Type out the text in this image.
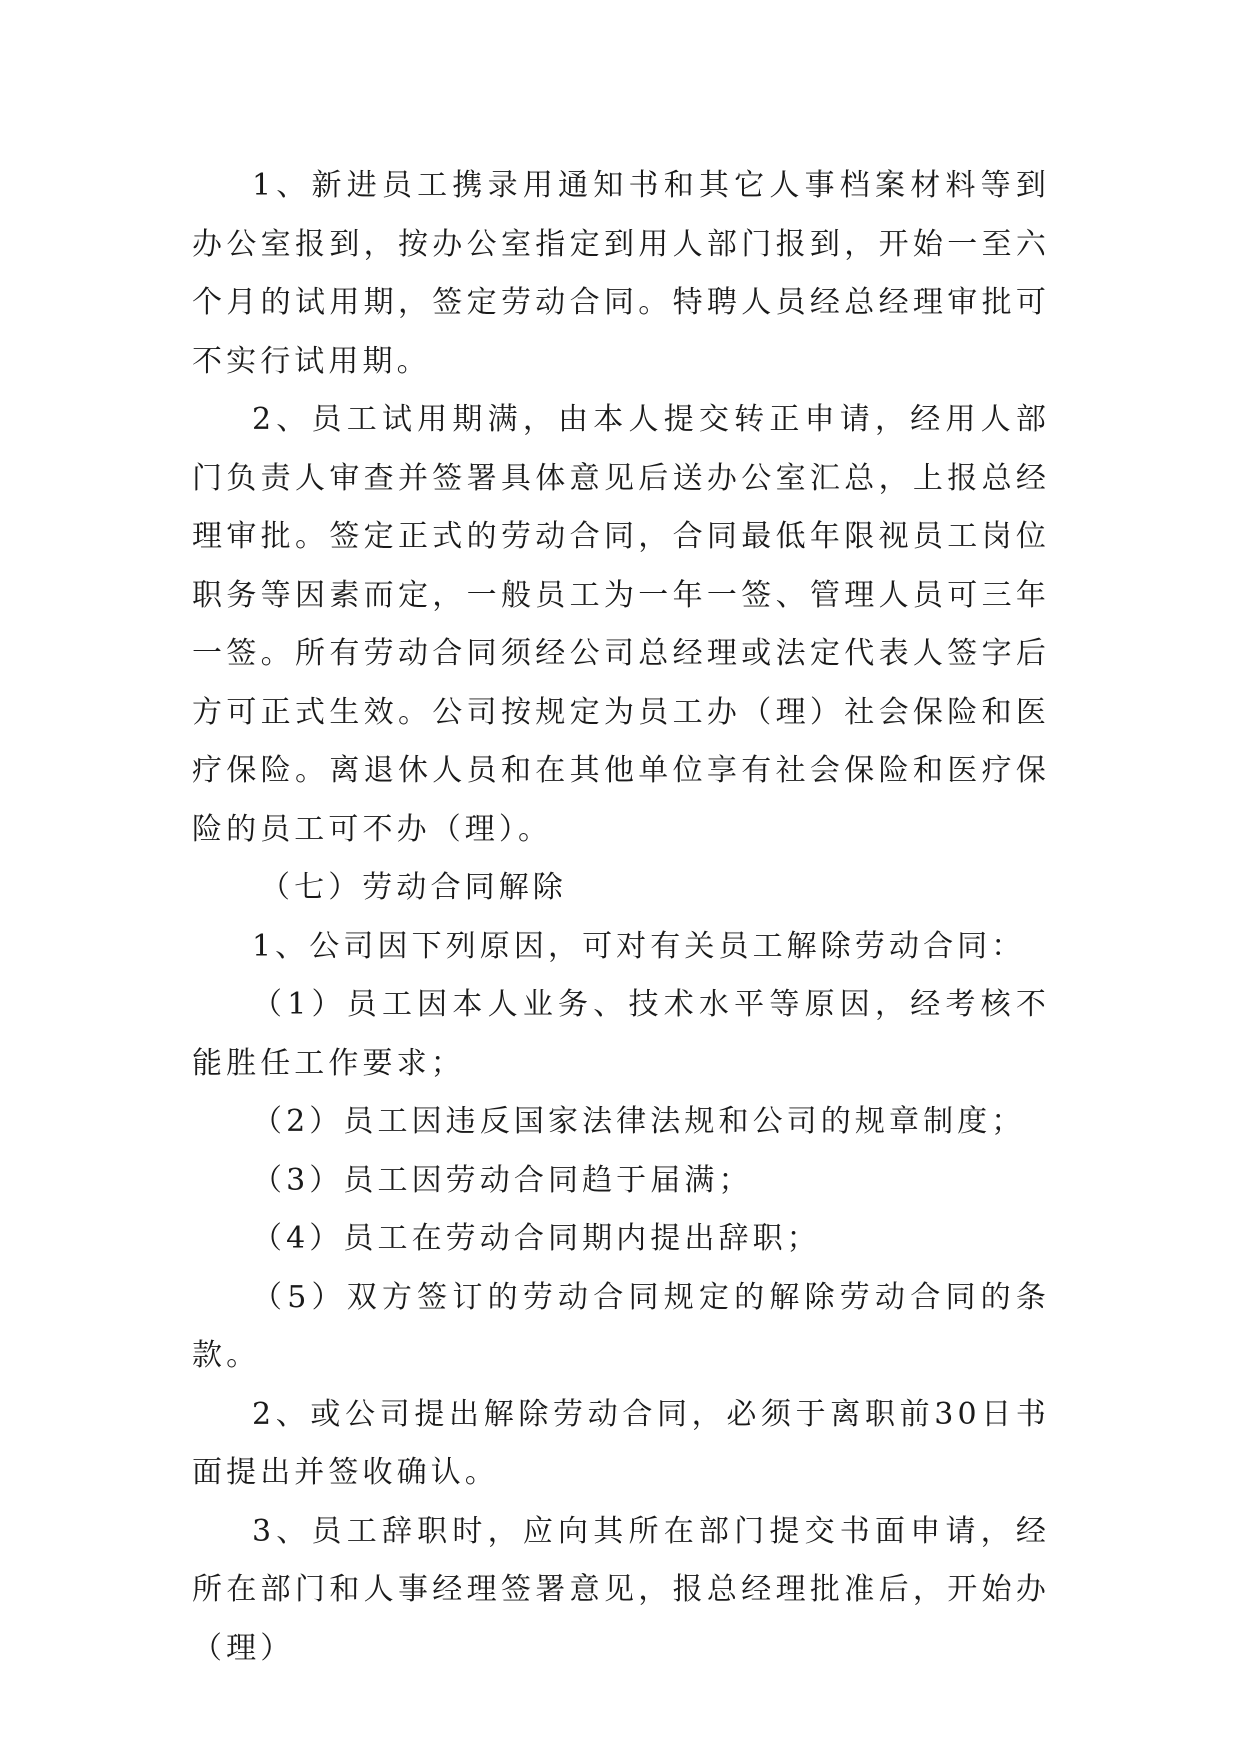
1、新进员工携录用通知书和其它人事档案材料等到办公室报到，按办公室指定到用人部门报到，开始一至六个月的试用期，签定劳动合同。特聘人员经总经理审批可不实行试用期。

2、员工试用期满，由本人提交转正申请，经用人部门负责人审查并签署具体意见后送办公室汇总，上报总经理审批。签定正式的劳动合同，合同最低年限视员工岗位职务等因素而定，一般员工为一年一签、管理人员可三年一签。所有劳动合同须经公司总经理或法定代表人签字后方可正式生效。公司按规定为员工办（理）社会保险和医疗保险。离退休人员和在其他单位享有社会保险和医疗保险的员工可不办（理）。

（七）劳动合同解除

1、公司因下列原因，可对有关员工解除劳动合同：

（1）员工因本人业务、技术水平等原因，经考核不能胜任工作要求；

（2）员工因违反国家法律法规和公司的规章制度；

（3）员工因劳动合同趋于届满；

（4）员工在劳动合同期内提出辞职；

（5）双方签订的劳动合同规定的解除劳动合同的条款。

2、或公司提出解除劳动合同，必须于离职前30日书面提出并签收确认。

3、员工辞职时，应向其所在部门提交书面申请，经所在部门和人事经理签署意见，报总经理批准后，开始办（理）
